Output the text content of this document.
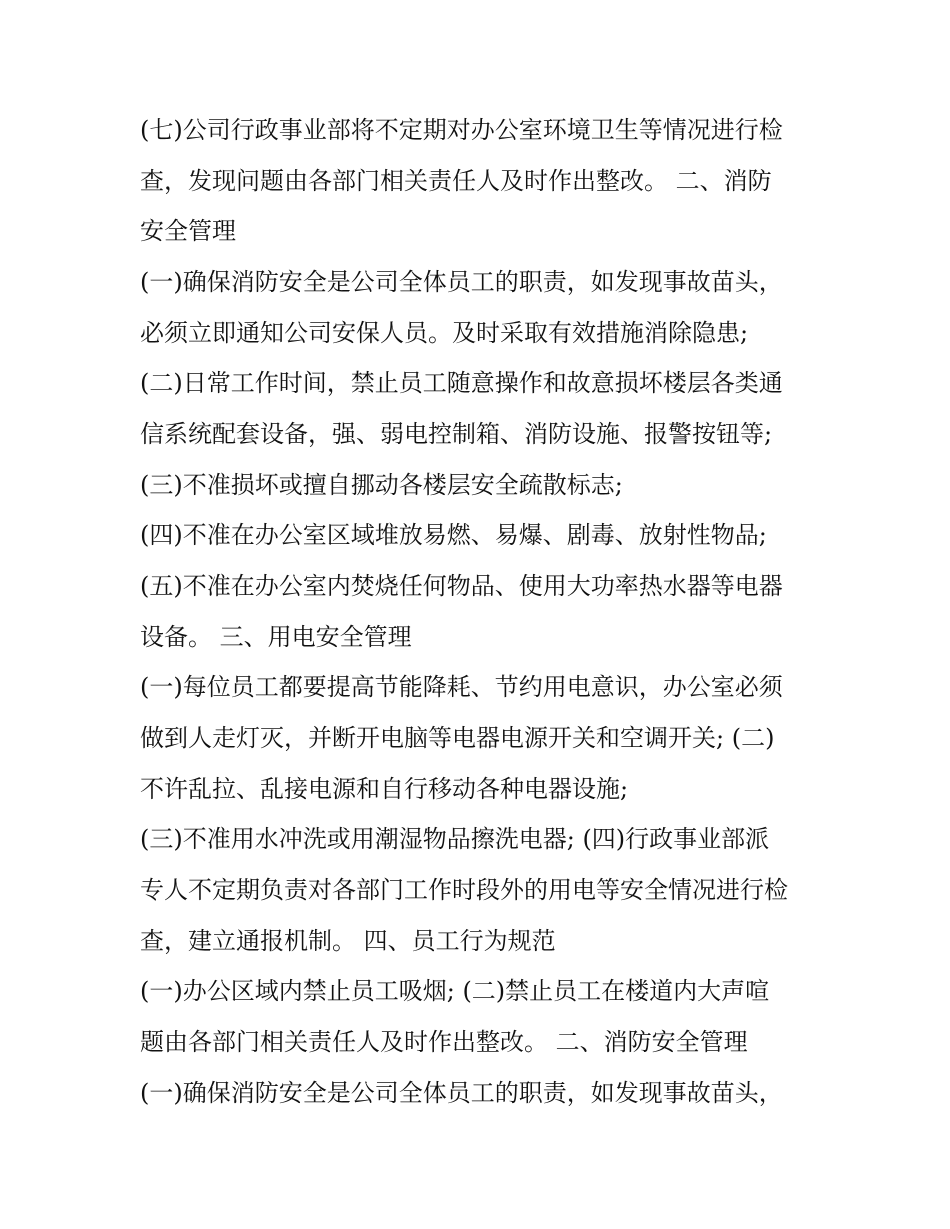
(七)公司行政事业部将不定期对办公室环境卫生等情况进行检
查，发现问题由各部门相关责任人及时作出整改。 二、消防
安全管理
(一)确保消防安全是公司全体员工的职责，如发现事故苗头，
必须立即通知公司安保人员。及时采取有效措施消除隐患;
(二)日常工作时间，禁止员工随意操作和故意损坏楼层各类通
信系统配套设备，强、弱电控制箱、消防设施、报警按钮等;
(三)不准损坏或擅自挪动各楼层安全疏散标志;
(四)不准在办公室区域堆放易燃、易爆、剧毒、放射性物品;
(五)不准在办公室内焚烧任何物品、使用大功率热水器等电器
设备。 三、用电安全管理
(一)每位员工都要提高节能降耗、节约用电意识，办公室必须
做到人走灯灭，并断开电脑等电器电源开关和空调开关; (二)
不许乱拉、乱接电源和自行移动各种电器设施;
(三)不准用水冲洗或用潮湿物品擦洗电器; (四)行政事业部派
专人不定期负责对各部门工作时段外的用电等安全情况进行检
查，建立通报机制。 四、员工行为规范
(一)办公区域内禁止员工吸烟; (二)禁止员工在楼道内大声喧
题由各部门相关责任人及时作出整改。 二、消防安全管理
(一)确保消防安全是公司全体员工的职责，如发现事故苗头，
